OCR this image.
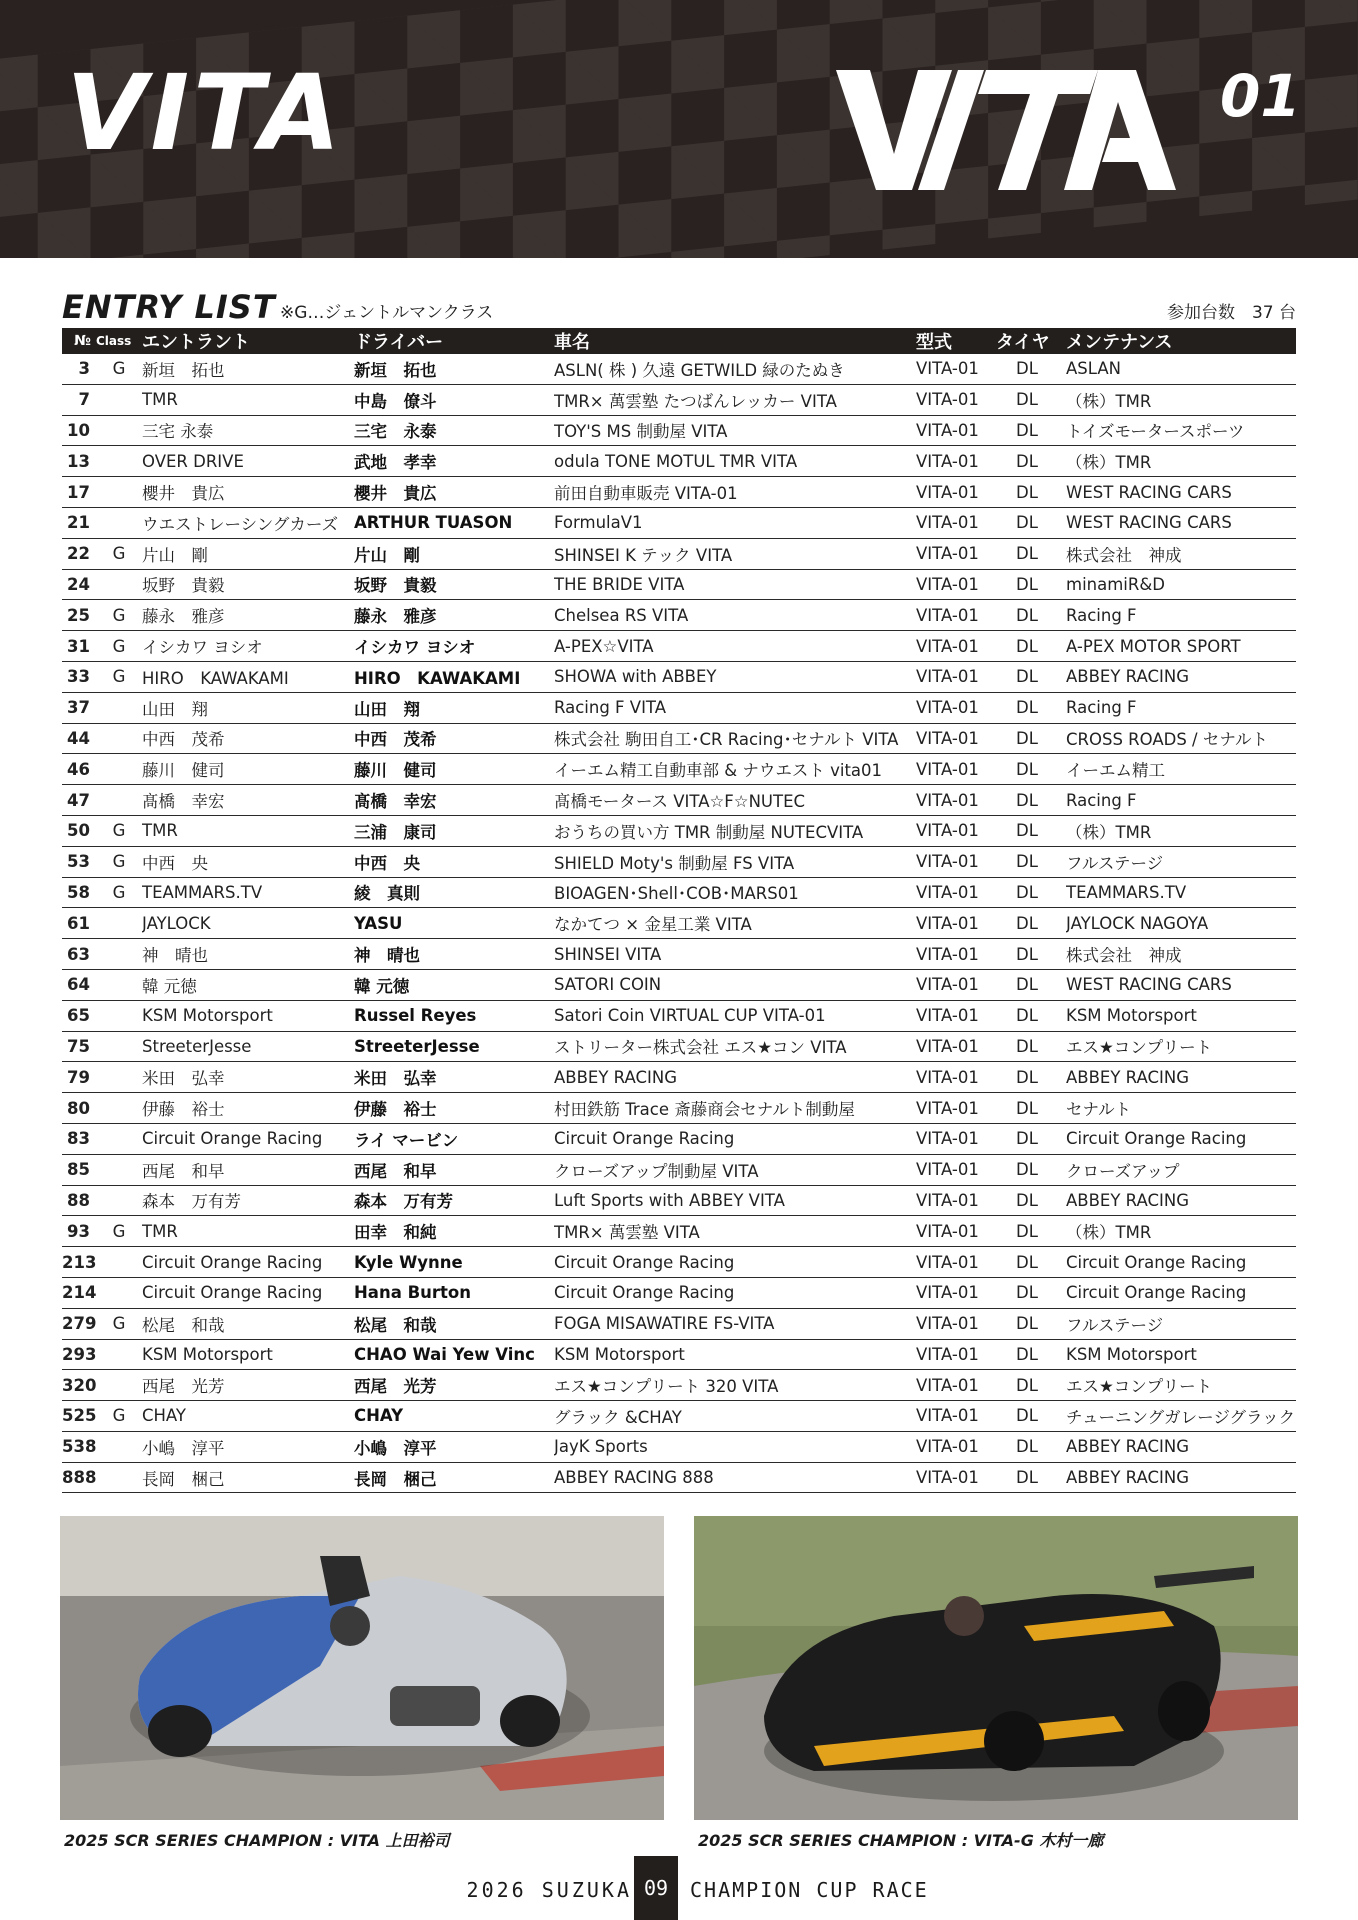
VITA	01
ENTRY LIST ※G…ジェントルマンクラス	参加台数　37 台
№	Class	エントラント	ドライバー	車名	型式	タイヤ	メンテナンス
3	G	新垣　拓也	新垣　拓也	ASLN( 株 ) 久遠 GETWILD 緑のたぬき	VITA-01	DL	ASLAN
7		TMR	中島　僚斗	TMR× 萬雲塾 たつばんレッカー VITA	VITA-01	DL	（株）TMR
10		三宅 永泰	三宅　永泰	TOY'S MS 制動屋 VITA	VITA-01	DL	トイズモータースポーツ
13		OVER DRIVE	武地　孝幸	odula TONE MOTUL TMR VITA	VITA-01	DL	（株）TMR
17		櫻井　貴広	櫻井　貴広	前田自動車販売 VITA-01	VITA-01	DL	WEST RACING CARS
21		ウエストレーシングカーズ	ARTHUR TUASON	FormulaV1	VITA-01	DL	WEST RACING CARS
22	G	片山　剛	片山　剛	SHINSEI K テック VITA	VITA-01	DL	株式会社　神成
24		坂野　貴毅	坂野　貴毅	THE BRIDE VITA	VITA-01	DL	minamiR&D
25	G	藤永　雅彦	藤永　雅彦	Chelsea RS VITA	VITA-01	DL	Racing F
31	G	イシカワ ヨシオ	イシカワ ヨシオ	A-PEX☆VITA	VITA-01	DL	A-PEX MOTOR SPORT
33	G	HIRO　KAWAKAMI	HIRO　KAWAKAMI	SHOWA with ABBEY	VITA-01	DL	ABBEY RACING
37		山田　翔	山田　翔	Racing F VITA	VITA-01	DL	Racing F
44		中西　茂希	中西　茂希	株式会社 駒田自工･CR Racing･セナルト VITA	VITA-01	DL	CROSS ROADS / セナルト
46		藤川　健司	藤川　健司	イーエム精工自動車部 & ナウエスト vita01	VITA-01	DL	イーエム精工
47		髙橋　幸宏	髙橋　幸宏	髙橋モータース VITA☆F☆NUTEC	VITA-01	DL	Racing F
50	G	TMR	三浦　康司	おうちの買い方 TMR 制動屋 NUTECVITA	VITA-01	DL	（株）TMR
53	G	中西　央	中西　央	SHIELD Moty's 制動屋 FS VITA	VITA-01	DL	フルステージ
58	G	TEAMMARS.TV	綾　真則	BIOAGEN･Shell･COB･MARS01	VITA-01	DL	TEAMMARS.TV
61		JAYLOCK	YASU	なかてつ × 金星工業 VITA	VITA-01	DL	JAYLOCK NAGOYA
63		神　晴也	神　晴也	SHINSEI VITA	VITA-01	DL	株式会社　神成
64		韓 元徳	韓 元徳	SATORI COIN	VITA-01	DL	WEST RACING CARS
65		KSM Motorsport	Russel Reyes	Satori Coin VIRTUAL CUP VITA-01	VITA-01	DL	KSM Motorsport
75		StreeterJesse	StreeterJesse	ストリーター株式会社 エス★コン VITA	VITA-01	DL	エス★コンプリート
79		米田　弘幸	米田　弘幸	ABBEY RACING	VITA-01	DL	ABBEY RACING
80		伊藤　裕士	伊藤　裕士	村田鉄筋 Trace 斎藤商会セナルト制動屋	VITA-01	DL	セナルト
83		Circuit Orange Racing	ライ マービン	Circuit Orange Racing	VITA-01	DL	Circuit Orange Racing
85		西尾　和早	西尾　和早	クローズアップ制動屋 VITA	VITA-01	DL	クローズアップ
88		森本　万有芳	森本　万有芳	Luft Sports with ABBEY VITA	VITA-01	DL	ABBEY RACING
93	G	TMR	田幸　和純	TMR× 萬雲塾 VITA	VITA-01	DL	（株）TMR
213		Circuit Orange Racing	Kyle Wynne	Circuit Orange Racing	VITA-01	DL	Circuit Orange Racing
214		Circuit Orange Racing	Hana Burton	Circuit Orange Racing	VITA-01	DL	Circuit Orange Racing
279	G	松尾　和哉	松尾　和哉	FOGA MISAWATIRE FS-VITA	VITA-01	DL	フルステージ
293		KSM Motorsport	CHAO Wai Yew Vinc	KSM Motorsport	VITA-01	DL	KSM Motorsport
320		西尾　光芳	西尾　光芳	エス★コンプリート 320 VITA	VITA-01	DL	エス★コンプリート
525	G	CHAY	CHAY	グラック &CHAY	VITA-01	DL	チューニングガレージグラック
538		小嶋　淳平	小嶋　淳平	JayK Sports	VITA-01	DL	ABBEY RACING
888		長岡　梱己	長岡　梱己	ABBEY RACING 888	VITA-01	DL	ABBEY RACING
2025 SCR SERIES CHAMPION : VITA 上田裕司	2025 SCR SERIES CHAMPION : VITA-G 木村一廊
2026 SUZUKA 09	CHAMPION CUP RACE
